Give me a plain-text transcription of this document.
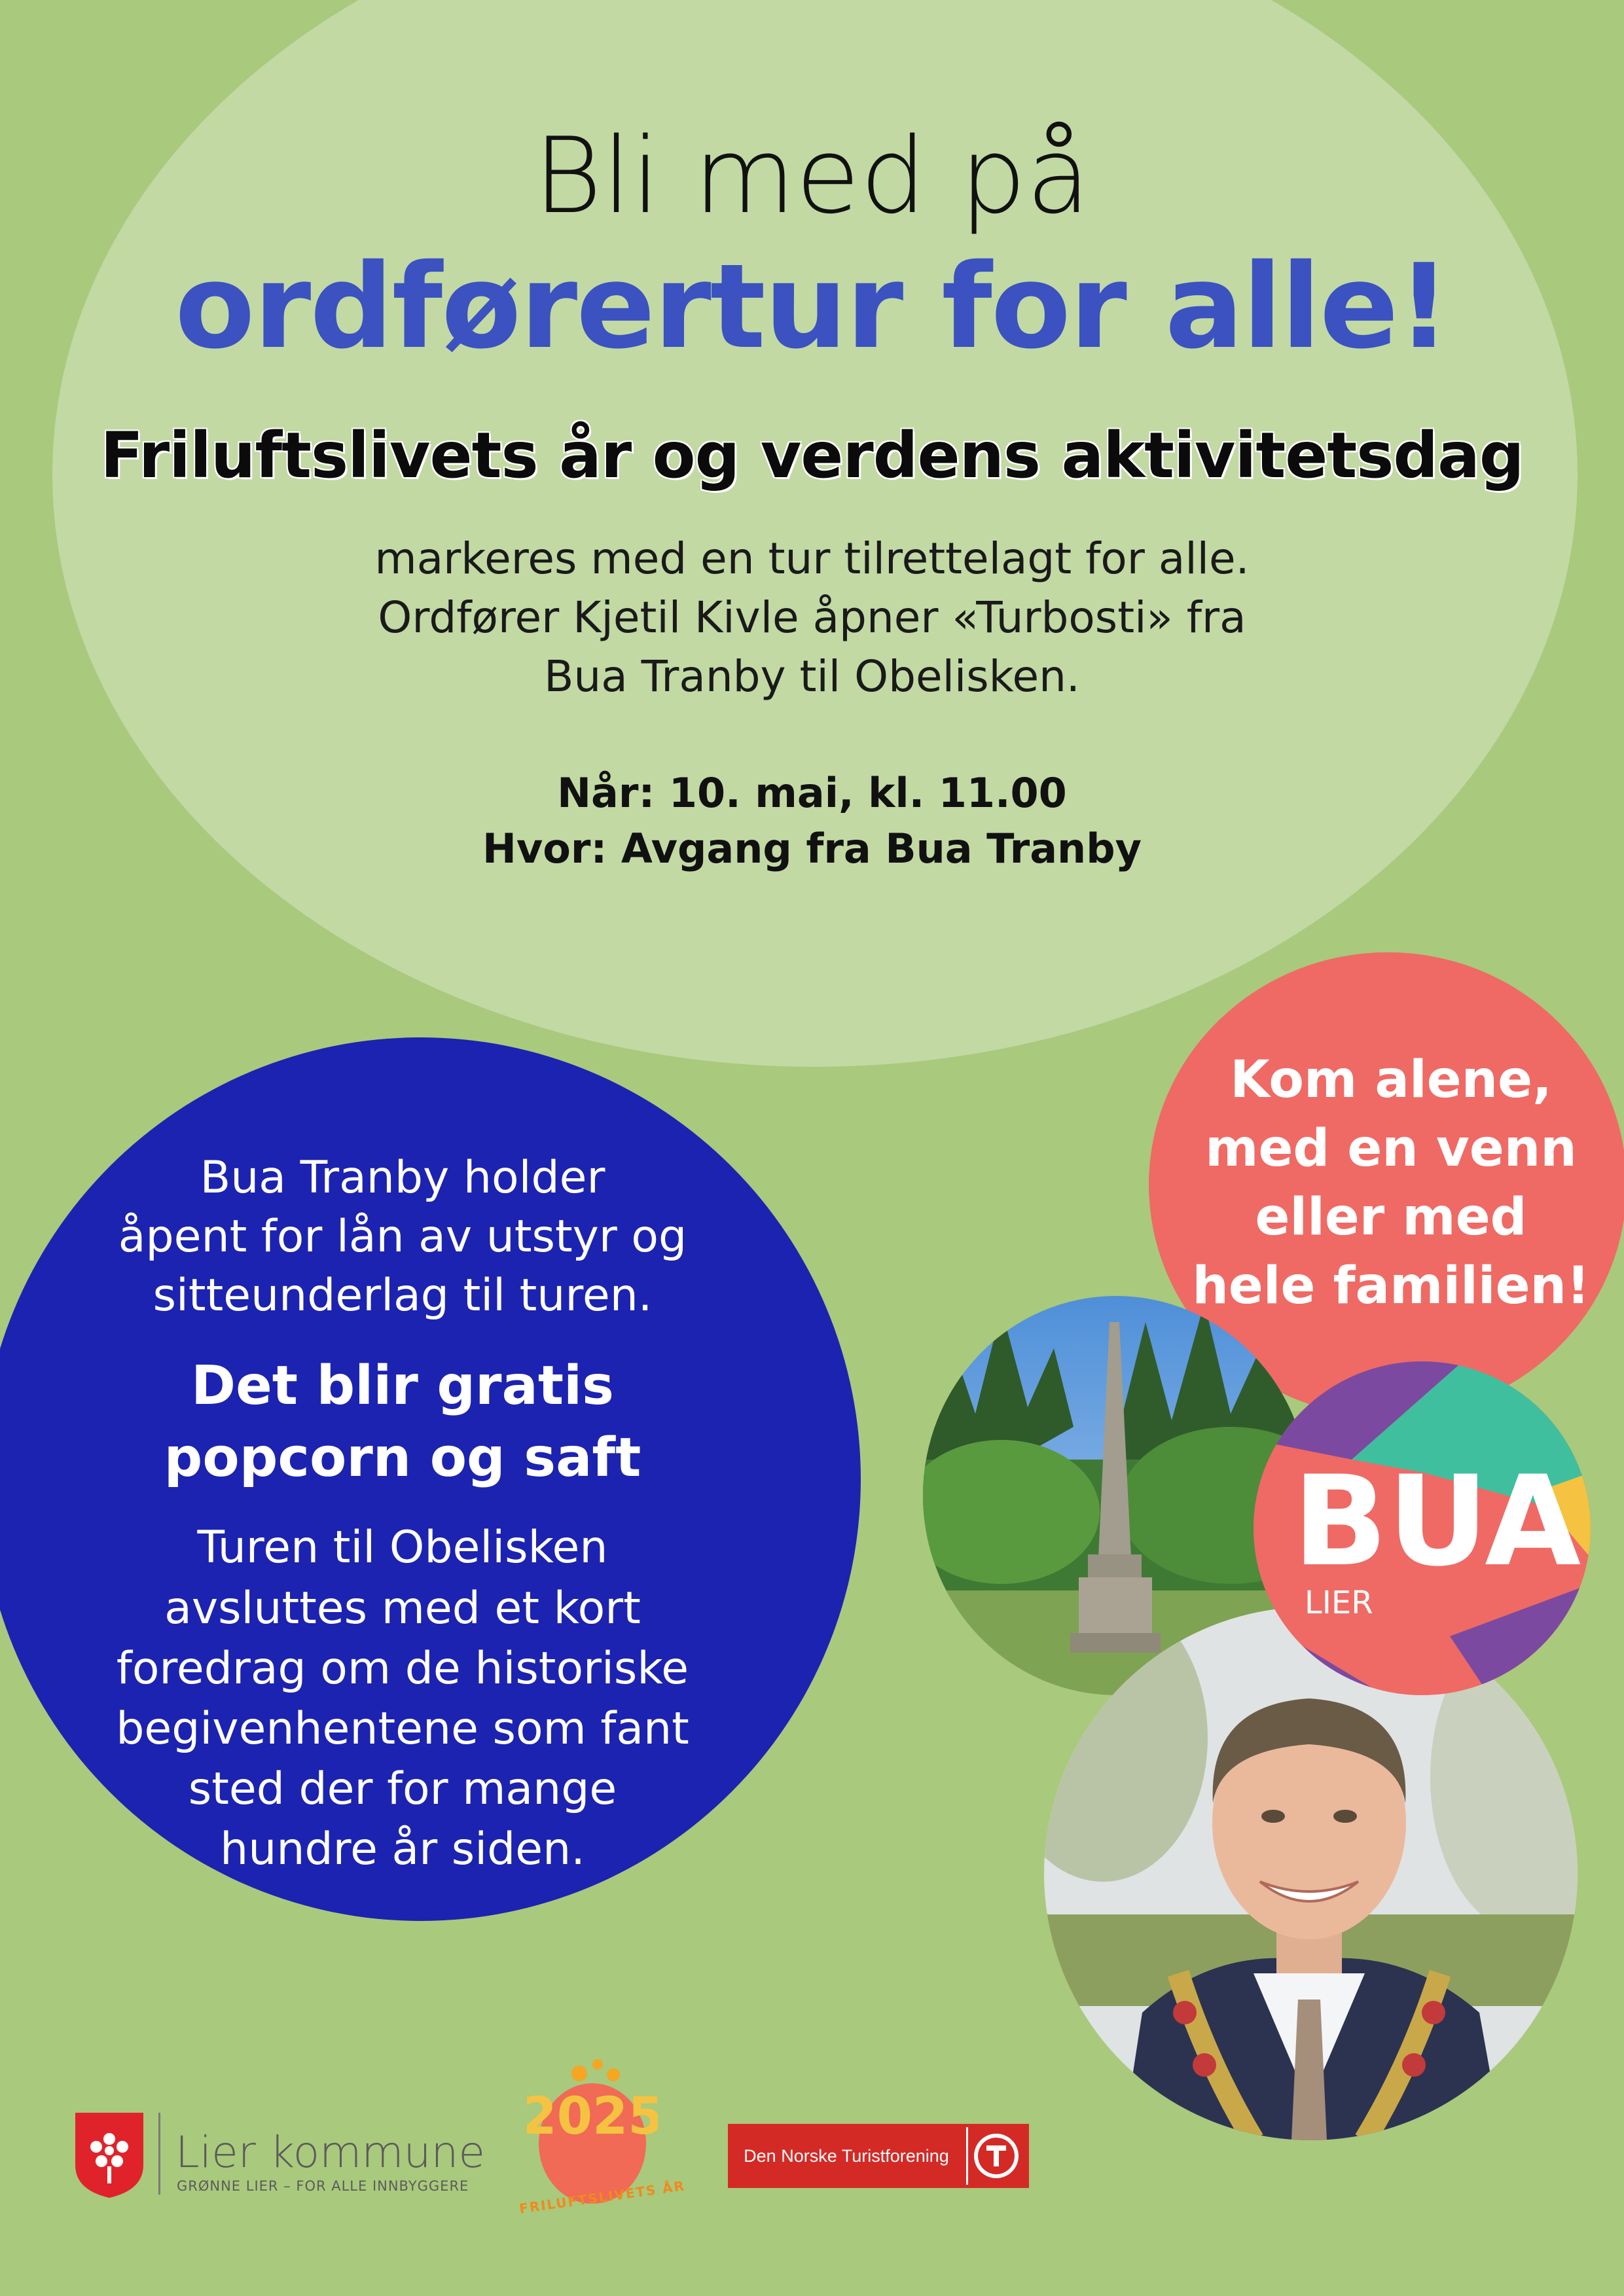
Bli med på
ordførertur for alle!
Friluftslivets år og verdens aktivitetsdag
markeres med en tur tilrettelagt for alle.
Ordfører Kjetil Kivle åpner «Turbosti» fra
Bua Tranby til Obelisken.
Når: 10. mai, kl. 11.00
Hvor: Avgang fra Bua Tranby
Bua Tranby holder
åpent for lån av utstyr og
sitteunderlag til turen.
Det blir gratis
popcorn og saft
Turen til Obelisken
avsluttes med et kort
foredrag om de historiske
begivenhentene som fant
sted der for mange
hundre år siden.
Kom alene,
med en venn
eller med
hele familien!
BUA
LIER
Lier kommune
GRØNNE LIER – FOR ALLE INNBYGGERE
2025
FRILUFTSLIVETS ÅR
Den Norske Turistforening
